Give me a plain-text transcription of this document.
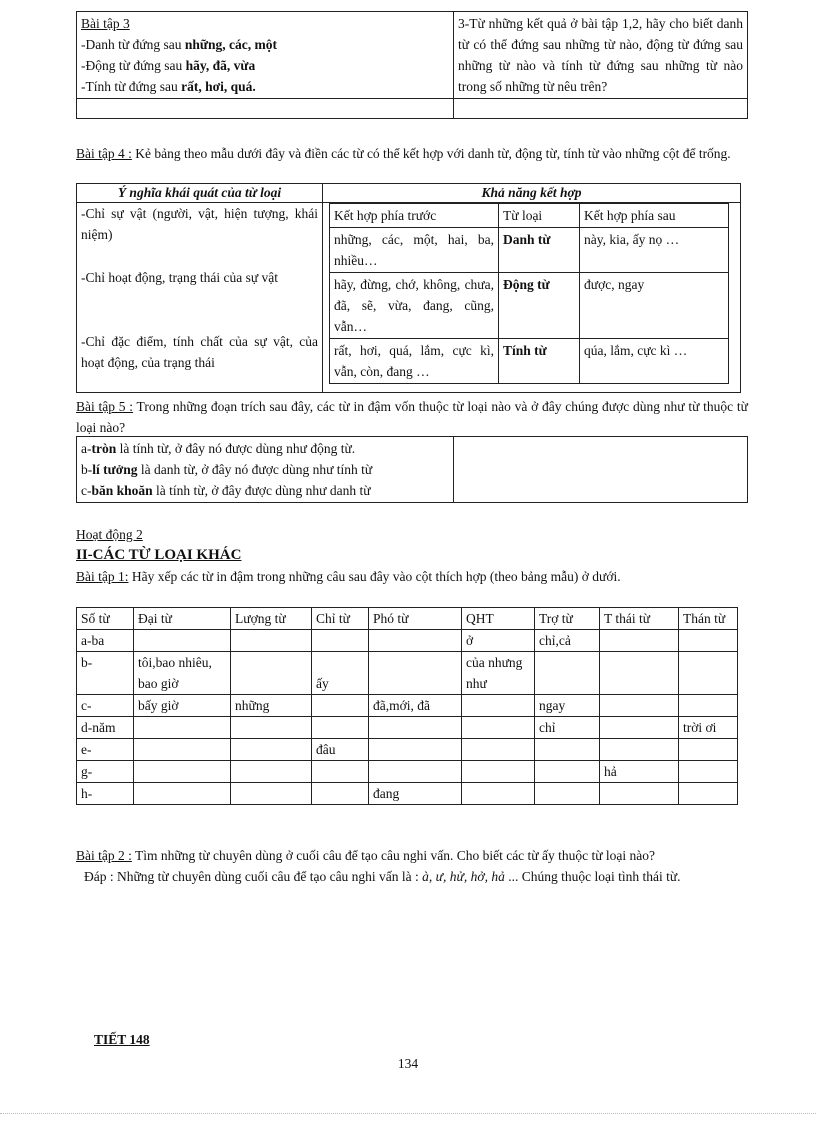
Bài tập 3

-Danh từ đứng sau những, các, một

-Động từ đứng sau hãy, đã, vừa

-Tính từ đứng sau rất, hơi, quá.	3-Từ những kết quả ở bài tập 1,2, hãy cho biết danh từ có thể đứng sau những từ nào, động từ đứng sau những từ nào và tính từ đứng sau những từ nào trong số những từ nêu trên?

Bài tập 4 : Kẻ bảng theo mẫu dưới đây và điền các từ có thể kết hợp với danh từ, động từ, tính từ vào những cột để trống.

Ý nghĩa khái quát của từ loại	Khả năng kết hợp

-Chỉ sự vật (người, vật, hiện tượng, khái niệm)

-Chỉ hoạt động, trạng thái của sự vật

-Chỉ đặc điểm, tính chất của sự vật, của hoạt động, của trạng thái

Kết hợp phía trước	Từ loại	Kết hợp phía sau
những, các, một, hai, ba, nhiều…	Danh từ	này, kia, ấy nọ …
hãy, đừng, chớ, không, chưa, đã, sẽ, vừa, đang, cũng, vẫn…	Động từ	được, ngay
rất, hơi, quá, lắm, cực kì, vẫn, còn, đang …	Tính từ	qúa, lắm, cực kì …

Bài tập 5 : Trong những đoạn trích sau đây, các từ in đậm vốn thuộc từ loại nào và ở đây chúng được dùng như từ thuộc từ loại nào?

a-tròn là tính từ, ở đây nó được dùng như động từ.

b-lí tưởng là danh từ, ở đây nó được dùng như tính từ

c-băn khoăn là tính từ, ở đây được dùng như danh từ

Hoạt động 2

II-CÁC TỪ LOẠI KHÁC

Bài tập 1: Hãy xếp các từ in đậm trong những câu sau đây vào cột thích hợp (theo bảng mẫu) ở dưới.

Số từ	Đại từ	Lượng từ	Chỉ từ	Phó từ	QHT	Trợ từ	T thái từ	Thán từ
a-ba					ở	chỉ,cả		
b-	tôi,bao nhiêu, bao giờ		ấy		của nhưng như			
c-	bấy giờ	những		đã,mới, đã		ngay		
d-năm						chỉ		trời ơi
e-			đâu					
g-							hả	
h-				đang				

Bài tập 2 : Tìm những từ chuyên dùng ở cuối câu để tạo câu nghi vấn. Cho biết các từ ấy thuộc từ loại nào?

Đáp : Những từ chuyên dùng cuối câu để tạo câu nghi vấn là : à, ư, hử, hở, hả ... Chúng thuộc loại tình thái từ.

TIẾT 148
134
